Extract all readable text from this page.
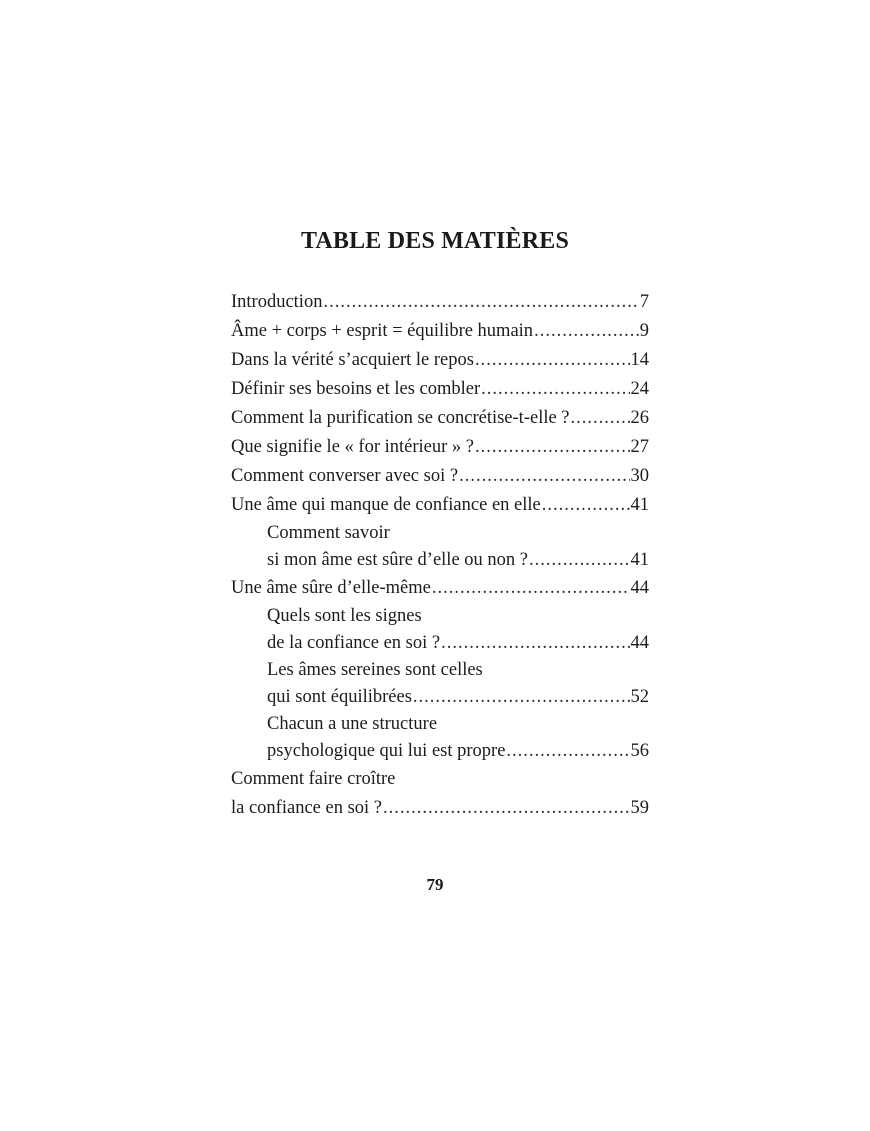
TABLE DES MATIÈRES
Introduction .....	7
Âme + corps + esprit = équilibre humain .....	9
Dans la vérité s’acquiert le repos .....	14
Définir ses besoins et les combler .....	24
Comment la purification se concrétise-t-elle ? .....	26
Que signifie le « for intérieur » ? .....	27
Comment converser avec soi ? .....	30
Une âme qui manque de confiance en elle .....	41
Comment savoir
si mon âme est sûre d’elle ou non ? .....	41
Une âme sûre d’elle-même .....	44
Quels sont les signes
de la confiance en soi ? .....	44
Les âmes sereines sont celles
qui sont équilibrées .....	52
Chacun a une structure
psychologique qui lui est propre .....	56
Comment faire croître
la confiance en soi ? .....	59
79
